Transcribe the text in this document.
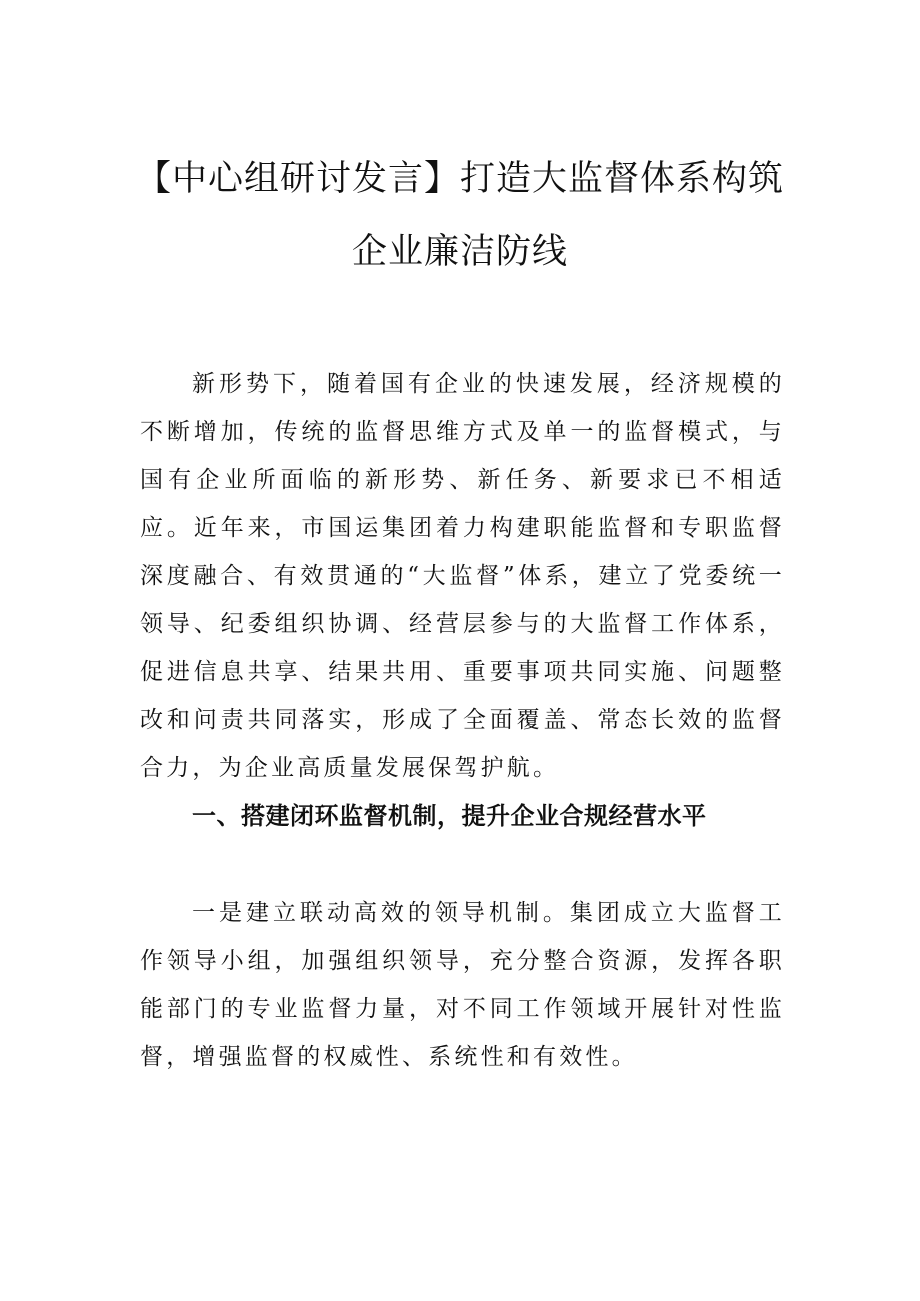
【中心组研讨发言】打造大监督体系构筑
企业廉洁防线

新形势下，随着国有企业的快速发展，经济规模的不断增加，传统的监督思维方式及单一的监督模式，与国有企业所面临的新形势、新任务、新要求已不相适应。近年来，市国运集团着力构建职能监督和专职监督深度融合、有效贯通的“大监督”体系，建立了党委统一领导、纪委组织协调、经营层参与的大监督工作体系，促进信息共享、结果共用、重要事项共同实施、问题整改和问责共同落实，形成了全面覆盖、常态长效的监督合力，为企业高质量发展保驾护航。

一、搭建闭环监督机制，提升企业合规经营水平

一是建立联动高效的领导机制。集团成立大监督工作领导小组，加强组织领导，充分整合资源，发挥各职能部门的专业监督力量，对不同工作领域开展针对性监督，增强监督的权威性、系统性和有效性。
